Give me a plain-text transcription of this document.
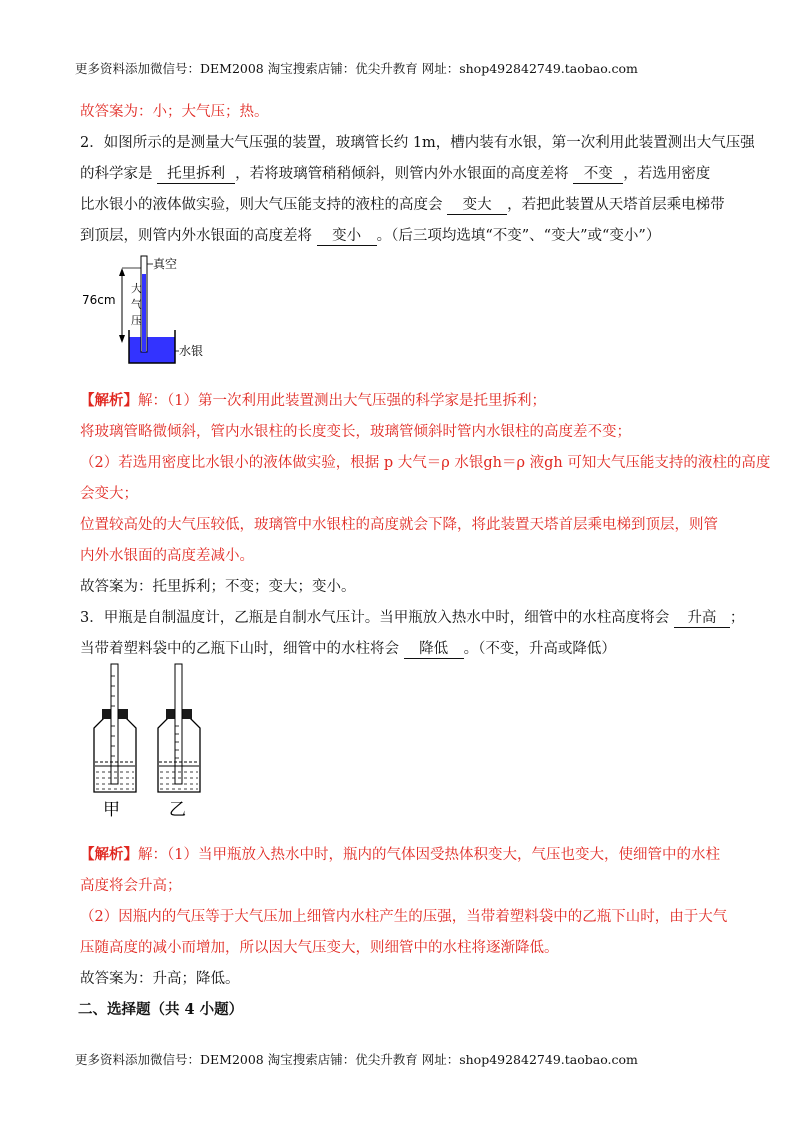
更多资料添加微信号：DEM2008 淘宝搜索店铺：优尖升教育 网址：shop492842749.taobao.com
故答案为：小；大气压；热。
2．如图所示的是测量大气压强的装置，玻璃管长约 1m，槽内装有水银，第一次利用此装置测出大气压强
的科学家是 托里拆利 ，若将玻璃管稍稍倾斜，则管内外水银面的高度差将 不变 ，若选用密度
比水银小的液体做实验，则大气压能支持的液柱的高度会 变大 ，若把此装置从天塔首层乘电梯带
到顶层，则管内外水银面的高度差将 变小 。（后三项均选填“不变”、“变大”或“变小”）
76cm
大
气
压
真空
水银
【解析】解：（1）第一次利用此装置测出大气压强的科学家是托里拆利；
将玻璃管略微倾斜，管内水银柱的长度变长，玻璃管倾斜时管内水银柱的高度差不变；
（2）若选用密度比水银小的液体做实验，根据 p 大气＝ρ 水银gh＝ρ 液gh 可知大气压能支持的液柱的高度
会变大；
位置较高处的大气压较低，玻璃管中水银柱的高度就会下降，将此装置天塔首层乘电梯到顶层，则管
内外水银面的高度差减小。
故答案为：托里拆利；不变；变大；变小。
3．甲瓶是自制温度计，乙瓶是自制水气压计。当甲瓶放入热水中时，细管中的水柱高度将会 升高 ；
当带着塑料袋中的乙瓶下山时，细管中的水柱将会 降低 。（不变，升高或降低）
甲	乙
【解析】解：（1）当甲瓶放入热水中时，瓶内的气体因受热体积变大，气压也变大，使细管中的水柱
高度将会升高；
（2）因瓶内的气压等于大气压加上细管内水柱产生的压强，当带着塑料袋中的乙瓶下山时，由于大气
压随高度的减小而增加，所以因大气压变大，则细管中的水柱将逐渐降低。
故答案为：升高；降低。
二、选择题（共 4 小题）
更多资料添加微信号：DEM2008 淘宝搜索店铺：优尖升教育 网址：shop492842749.taobao.com
